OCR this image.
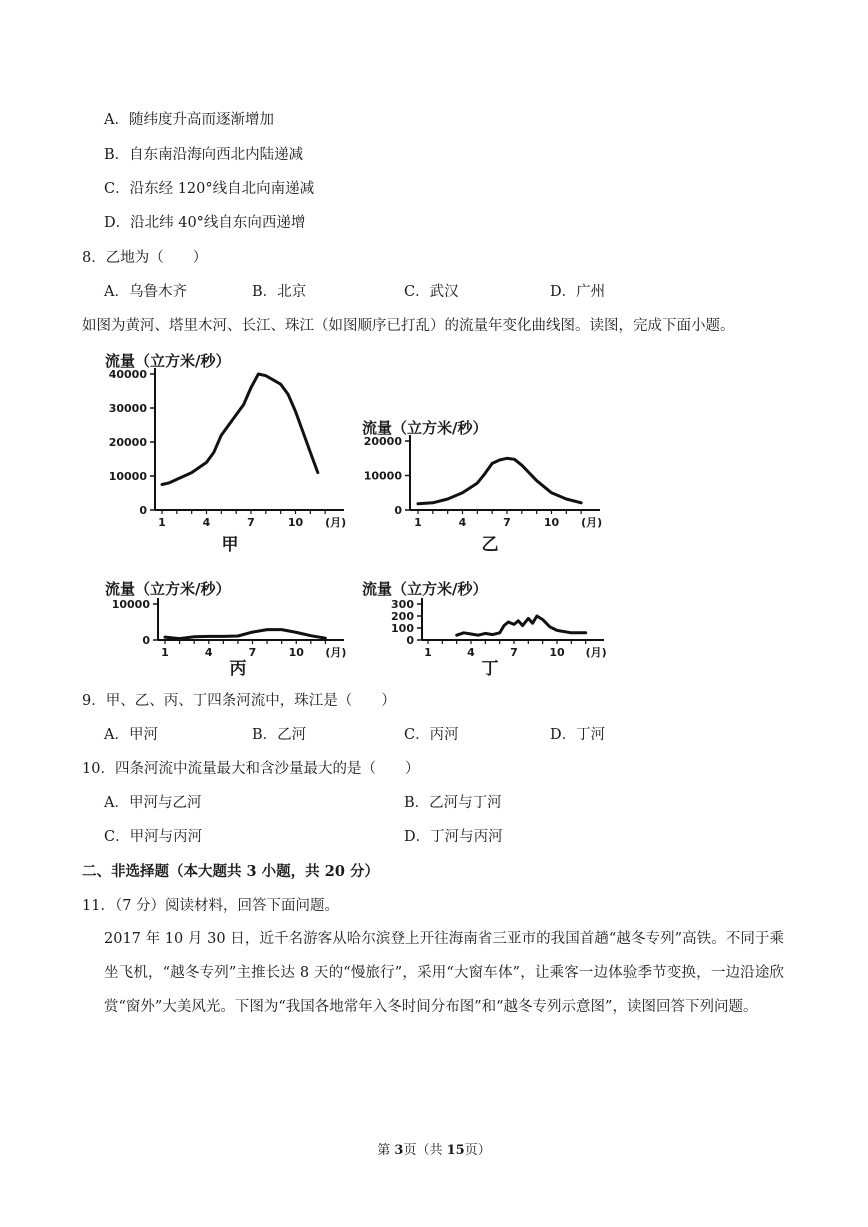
A．随纬度升高而逐渐增加
B．自东南沿海向西北内陆递减
C．沿东经 120°线自北向南递减
D．沿北纬 40°线自东向西递增
8．乙地为（　　）
A．乌鲁木齐	B．北京	C．武汉	D．广州
如图为黄河、塔里木河、长江、珠江（如图顺序已打乱）的流量年变化曲线图。读图，完成下面小题。
流量（立方米/秒）
0
10000
20000
30000
40000
1	4	7	10 (月)
甲
流量（立方米/秒）
0
10000
20000
1	4	7	10 (月)
乙
流量（立方米/秒）
0
10000
1	4	7	10 (月)
丙
流量（立方米/秒）
0
100
200
300
1	4	7	10 (月)
丁
9．甲、乙、丙、丁四条河流中，珠江是（　　）
A．甲河	B．乙河	C．丙河	D．丁河
10．四条河流中流量最大和含沙量最大的是（　　）
A．甲河与乙河	B．乙河与丁河
C．甲河与丙河	D．丁河与丙河
二、非选择题（本大题共 3 小题，共 20 分）
11．（7 分）阅读材料，回答下面问题。
2017 年 10 月 30 日，近千名游客从哈尔滨登上开往海南省三亚市的我国首趟“越冬专列”高铁。不同于乘坐飞机，“越冬专列”主推长达 8 天的“慢旅行”，采用“大窗车体”，让乘客一边体验季节变换，一边沿途欣赏“窗外”大美风光。下图为“我国各地常年入冬时间分布图”和“越冬专列示意图”，读图回答下列问题。
第 3页（共 15页）
